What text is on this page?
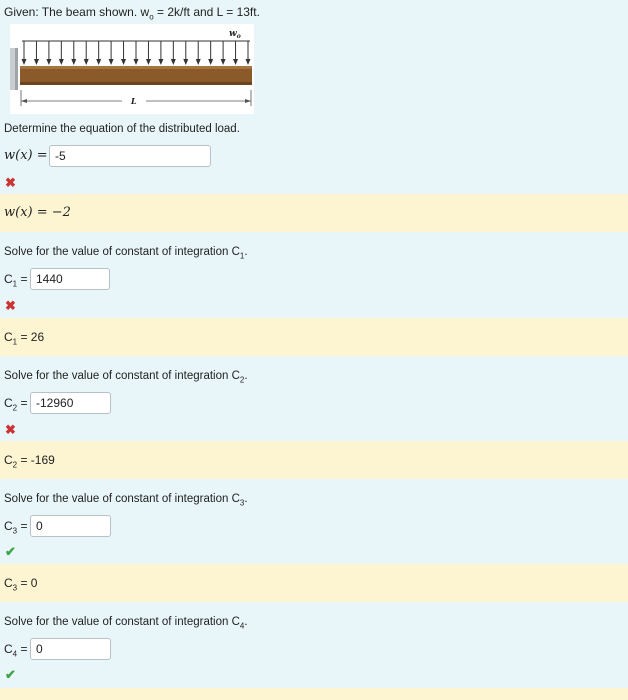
Given: The beam shown. $w_o = 2k/ft$ and L = 13ft.
$w_o$
L
Determine the equation of the distributed load.
w(x) = -5
✖
w(x) = −2
Solve for the value of constant of integration $C_1$.
$C_1 = 1440$
✖
$C_1 = 26$
Solve for the value of constant of integration $C_2$.
$C_2 = -12960$
✖
$C_2 = -169$
Solve for the value of constant of integration $C_3$.
$C_3 = 0$
✔
$C_3 = 0$
Solve for the value of constant of integration $C_4$.
$C_4 = 0$
✔
